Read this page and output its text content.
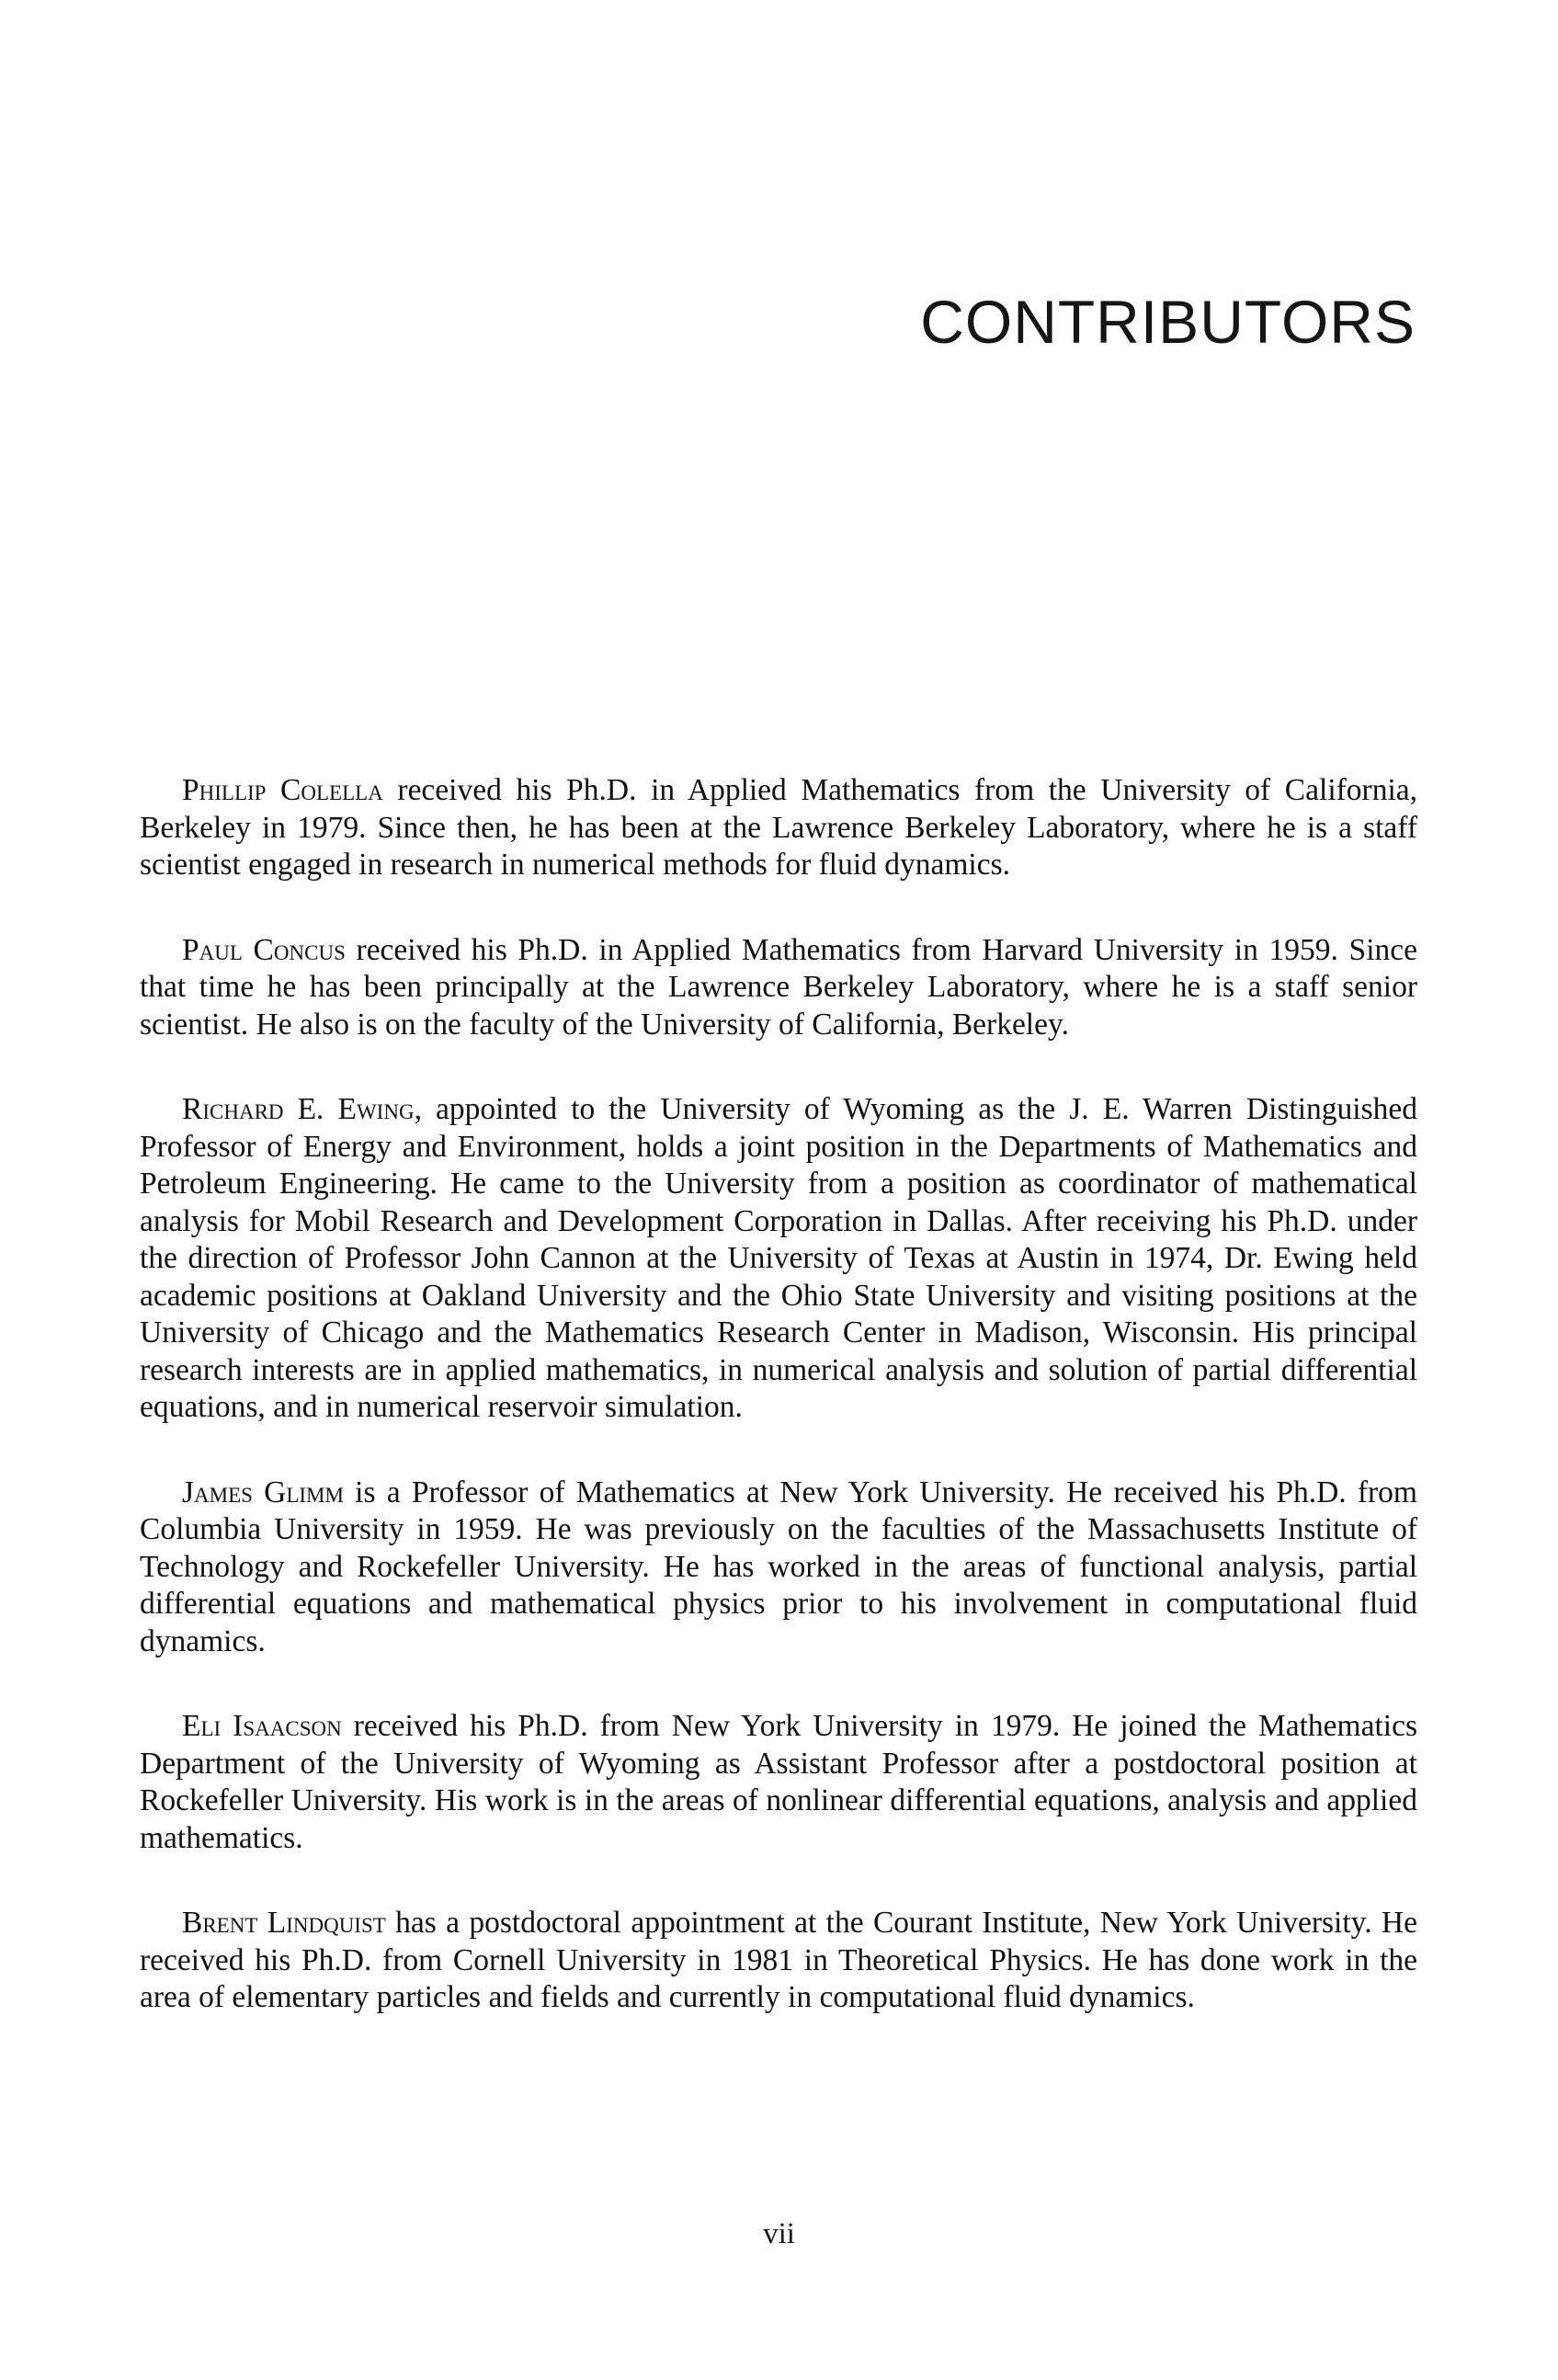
CONTRIBUTORS

Phillip Colella received his Ph.D. in Applied Mathematics from the University of California, Berkeley in 1979. Since then, he has been at the Lawrence Berkeley Laboratory, where he is a staff scientist engaged in research in numerical methods for fluid dynamics.

Paul Concus received his Ph.D. in Applied Mathematics from Harvard University in 1959. Since that time he has been principally at the Lawrence Berkeley Laboratory, where he is a staff senior scientist. He also is on the faculty of the University of California, Berkeley.

Richard E. Ewing, appointed to the University of Wyoming as the J. E. Warren Distinguished Professor of Energy and Environment, holds a joint position in the Departments of Mathematics and Petroleum Engineering. He came to the University from a position as coordinator of mathematical analysis for Mobil Research and Development Corporation in Dallas. After receiving his Ph.D. under the direction of Professor John Cannon at the University of Texas at Austin in 1974, Dr. Ewing held academic positions at Oakland University and the Ohio State University and visiting positions at the University of Chicago and the Mathematics Research Center in Madison, Wisconsin. His principal research interests are in applied mathematics, in numerical analysis and solution of partial differential equations, and in numerical reservoir simulation.

James Glimm is a Professor of Mathematics at New York University. He received his Ph.D. from Columbia University in 1959. He was previously on the faculties of the Massachusetts Institute of Technology and Rockefeller University. He has worked in the areas of functional analysis, partial differential equations and mathematical physics prior to his involvement in computational fluid dynamics.

Eli Isaacson received his Ph.D. from New York University in 1979. He joined the Mathematics Department of the University of Wyoming as Assistant Professor after a postdoctoral position at Rockefeller University. His work is in the areas of nonlinear differential equations, analysis and applied mathematics.

Brent Lindquist has a postdoctoral appointment at the Courant Institute, New York University. He received his Ph.D. from Cornell University in 1981 in Theoretical Physics. He has done work in the area of elementary particles and fields and currently in computational fluid dynamics.

vii
